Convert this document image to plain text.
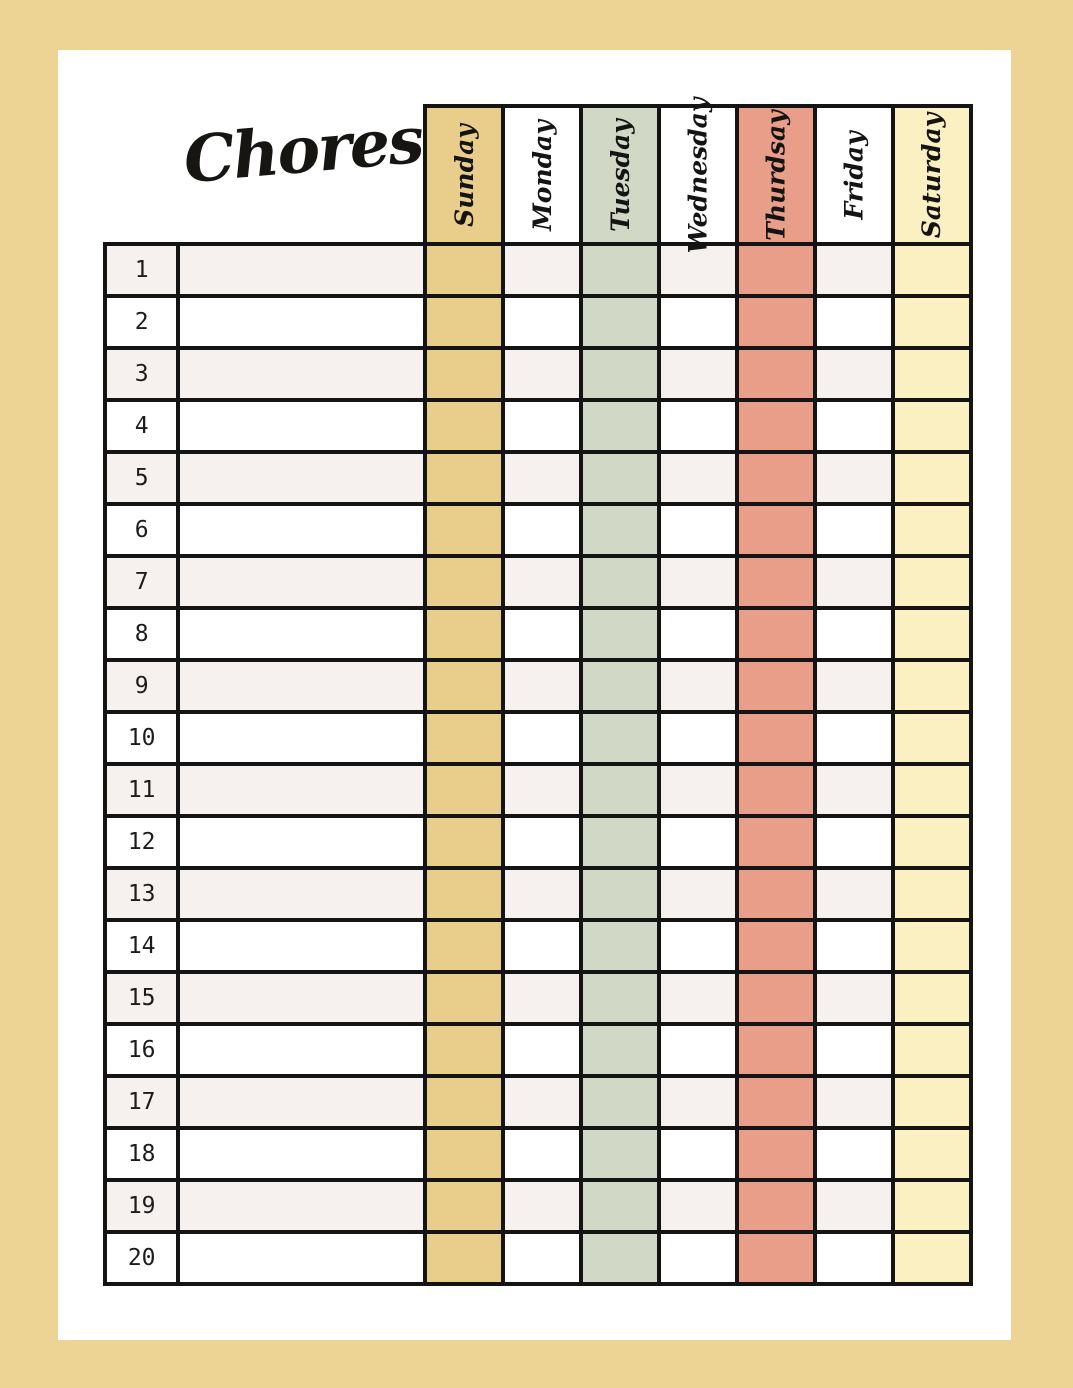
Chores

		Sunday	Monday	Tuesday	Wednesday	Thurdsay	Friday	Saturday

1								
2								
3								
4								
5								
6								
7								
8								
9								
10								
11								
12								
13								
14								
15								
16								
17								
18								
19								
20								
